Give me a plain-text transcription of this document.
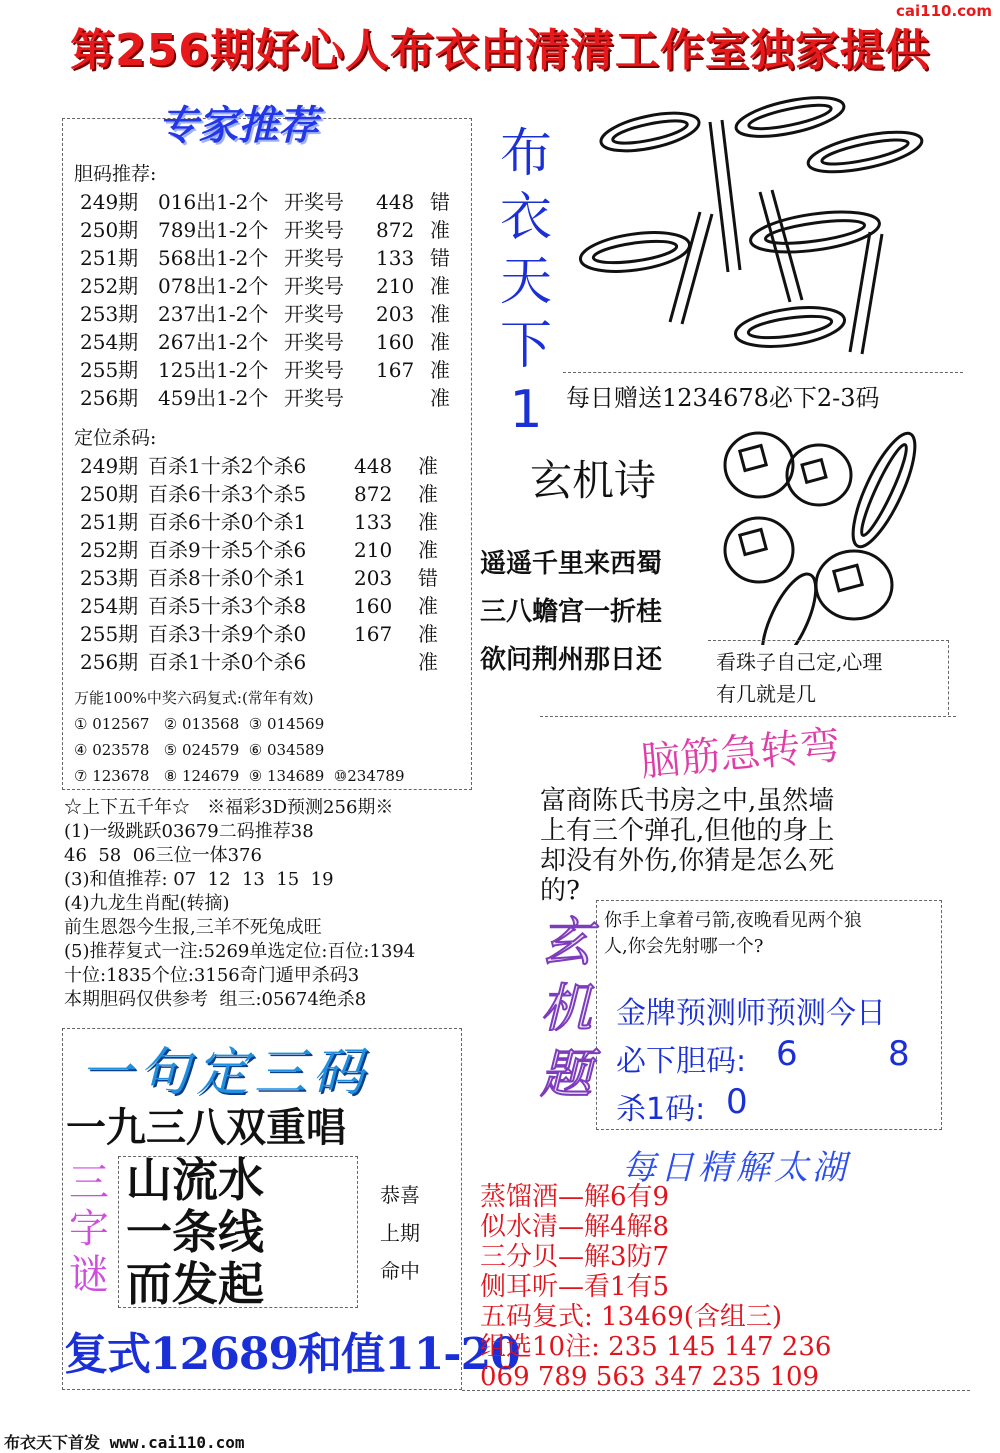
cai110.com
第256期好心人布衣由清清工作室独家提供
专家推荐
胆码推荐:
249期 016出1-2个 开奖号 448 错
250期 789出1-2个 开奖号 872 准
251期 568出1-2个 开奖号 133 错
252期 078出1-2个 开奖号 210 准
253期 237出1-2个 开奖号 203 准
254期 267出1-2个 开奖号 160 准
255期 125出1-2个 开奖号 167 准
256期 459出1-2个 开奖号	准
定位杀码:
249期 百杀1十杀2个杀6 448 准
250期 百杀6十杀3个杀5 872 准
251期 百杀6十杀0个杀1 133 准
252期 百杀9十杀5个杀6 210 准
253期 百杀8十杀0个杀1 203 错
254期 百杀5十杀3个杀8 160 准
255期 百杀3十杀9个杀0 167 准
256期 百杀1十杀0个杀6	准
万能100%中奖六码复式:(常年有效)
① 012567   ② 013568  ③ 014569
④ 023578   ⑤ 024579  ⑥ 034589
⑦ 123678   ⑧ 124679  ⑨ 134689  ⑩234789
☆上下五千年☆   ※福彩3D预测256期※
(1)一级跳跃03679二码推荐38
46  58  06三位一体376
(3)和值推荐: 07  12  13  15  19
(4)九龙生肖配(转摘)
前生恩怨今生报,三羊不死兔成旺
(5)推荐复式一注:5269单选定位:百位:1394
十位:1835个位:3156奇门遁甲杀码3
本期胆码仅供参考  组三:05674绝杀8
一句定三码
一九三八双重唱
三
字
谜
山流水
一条线
而发起
恭喜
上期
命中
复式12689和值11-20
布
衣
天
下
1 每日赠送1234678必下2-3码
玄机诗
遥遥千里来西蜀
三八蟾宫一折桂
欲问荆州那日还	看珠子自己定,心理
有几就是几
脑筋急转弯
富商陈氏书房之中,虽然墙
上有三个弹孔,但他的身上
却没有外伤,你猜是怎么死
的?
玄
机
题
你手上拿着弓箭,夜晚看见两个狼
人,你会先射哪一个?
金牌预测师预测今日
必下胆码: 6	8
杀1码: 0
每日精解太湖
蒸馏酒—解6有9
似水清—解4解8
三分贝—解3防7
侧耳听—看1有5
五码复式: 13469(含组三)
组选10注: 235 145 147 236
069 789 563 347 235 109
布衣天下首发 www.cai110.com
